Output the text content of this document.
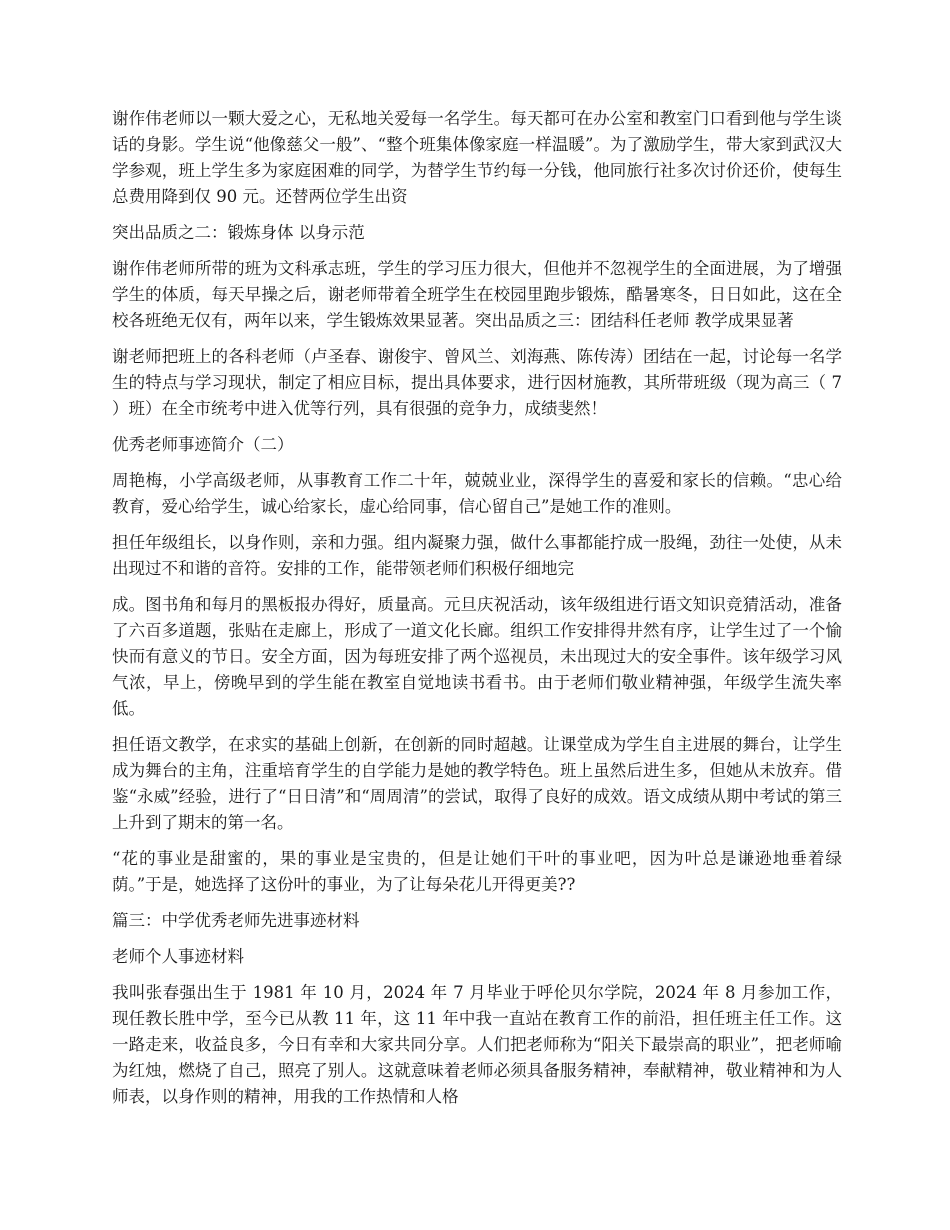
谢作伟老师以一颗大爱之心，无私地关爱每一名学生。每天都可在办公室和教室门口看到他与学生谈话的身影。学生说“他像慈父一般”、“整个班集体像家庭一样温暖”。为了激励学生，带大家到武汉大学参观，班上学生多为家庭困难的同学，为替学生节约每一分钱，他同旅行社多次讨价还价，使每生总费用降到仅 90 元。还替两位学生出资

突出品质之二：锻炼身体 以身示范

谢作伟老师所带的班为文科承志班，学生的学习压力很大，但他并不忽视学生的全面进展，为了增强学生的体质，每天早操之后，谢老师带着全班学生在校园里跑步锻炼，酷暑寒冬，日日如此，这在全校各班绝无仅有，两年以来，学生锻炼效果显著。突出品质之三：团结科任老师 教学成果显著

谢老师把班上的各科老师（卢圣春、谢俊宇、曾风兰、刘海燕、陈传涛）团结在一起，讨论每一名学生的特点与学习现状，制定了相应目标，提出具体要求，进行因材施教，其所带班级（现为高三（ 7 ）班）在全市统考中进入优等行列，具有很强的竞争力，成绩斐然！

优秀老师事迹简介（二）

周艳梅，小学高级老师，从事教育工作二十年，兢兢业业，深得学生的喜爱和家长的信赖。“忠心给教育，爱心给学生，诚心给家长，虚心给同事，信心留自己”是她工作的准则。

担任年级组长，以身作则，亲和力强。组内凝聚力强，做什么事都能拧成一股绳，劲往一处使，从未出现过不和谐的音符。安排的工作，能带领老师们积极仔细地完

成。图书角和每月的黑板报办得好，质量高。元旦庆祝活动，该年级组进行语文知识竞猜活动，准备了六百多道题，张贴在走廊上，形成了一道文化长廊。组织工作安排得井然有序，让学生过了一个愉快而有意义的节日。安全方面，因为每班安排了两个巡视员，未出现过大的安全事件。该年级学习风气浓，早上，傍晚早到的学生能在教室自觉地读书看书。由于老师们敬业精神强，年级学生流失率低。

担任语文教学，在求实的基础上创新，在创新的同时超越。让课堂成为学生自主进展的舞台，让学生成为舞台的主角，注重培育学生的自学能力是她的教学特色。班上虽然后进生多，但她从未放弃。借鉴“永威”经验，进行了“日日清”和“周周清”的尝试，取得了良好的成效。语文成绩从期中考试的第三上升到了期末的第一名。

“花的事业是甜蜜的，果的事业是宝贵的，但是让她们干叶的事业吧，因为叶总是谦逊地垂着绿荫。”于是，她选择了这份叶的事业，为了让每朵花儿开得更美??

篇三：中学优秀老师先进事迹材料

老师个人事迹材料

我叫张春强出生于 1981 年 10 月，2024 年 7 月毕业于呼伦贝尔学院，2024 年 8 月参加工作，现任教长胜中学，至今已从教 11 年，这 11 年中我一直站在教育工作的前沿，担任班主任工作。这一路走来，收益良多，今日有幸和大家共同分享。人们把老师称为“阳关下最崇高的职业”，把老师喻为红烛，燃烧了自己，照亮了别人。这就意味着老师必须具备服务精神，奉献精神，敬业精神和为人师表，以身作则的精神，用我的工作热情和人格
